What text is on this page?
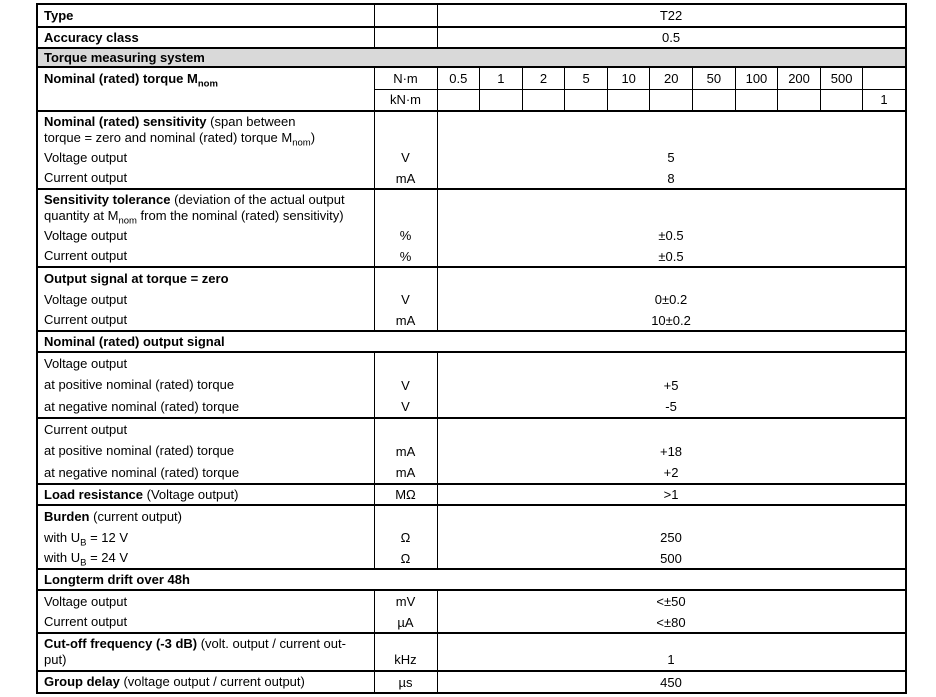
Type		T22										
Accuracy class		0.5										
Torque measuring system												
Nominal (rated) torque $M_{nom}$	N·m	0.5	1	2	5	10	20	50	100	200	500	
	kN·m											1
Nominal (rated) sensitivity (span between
torque = zero and nominal (rated) torque $M_{nom}$)												
Voltage output	V	5										
Current output	mA	8										
Sensitivity tolerance (deviation of the actual output
quantity at $M_{nom}$ from the nominal (rated) sensitivity)												
Voltage output	%	±0.5										
Current output	%	±0.5										
Output signal at torque = zero												
Voltage output	V	0±0.2										
Current output	mA	10±0.2										
Nominal (rated) output signal												
Voltage output												
at positive nominal (rated) torque	V	+5										
at negative nominal (rated) torque	V	-5										
Current output												
at positive nominal (rated) torque	mA	+18										
at negative nominal (rated) torque	mA	+2										
Load resistance (Voltage output)	MΩ	>1										
Burden (current output)												
with $U_B = 12$ V	Ω	250										
with $U_B = 24$ V	Ω	500										
Longterm drift over 48h												
Voltage output	mV	<±50										
Current output	µA	<±80										
Cut-off frequency (-3 dB) (volt. output / current out-
put)	kHz	1										
Group delay (voltage output / current output)	µs	450										
